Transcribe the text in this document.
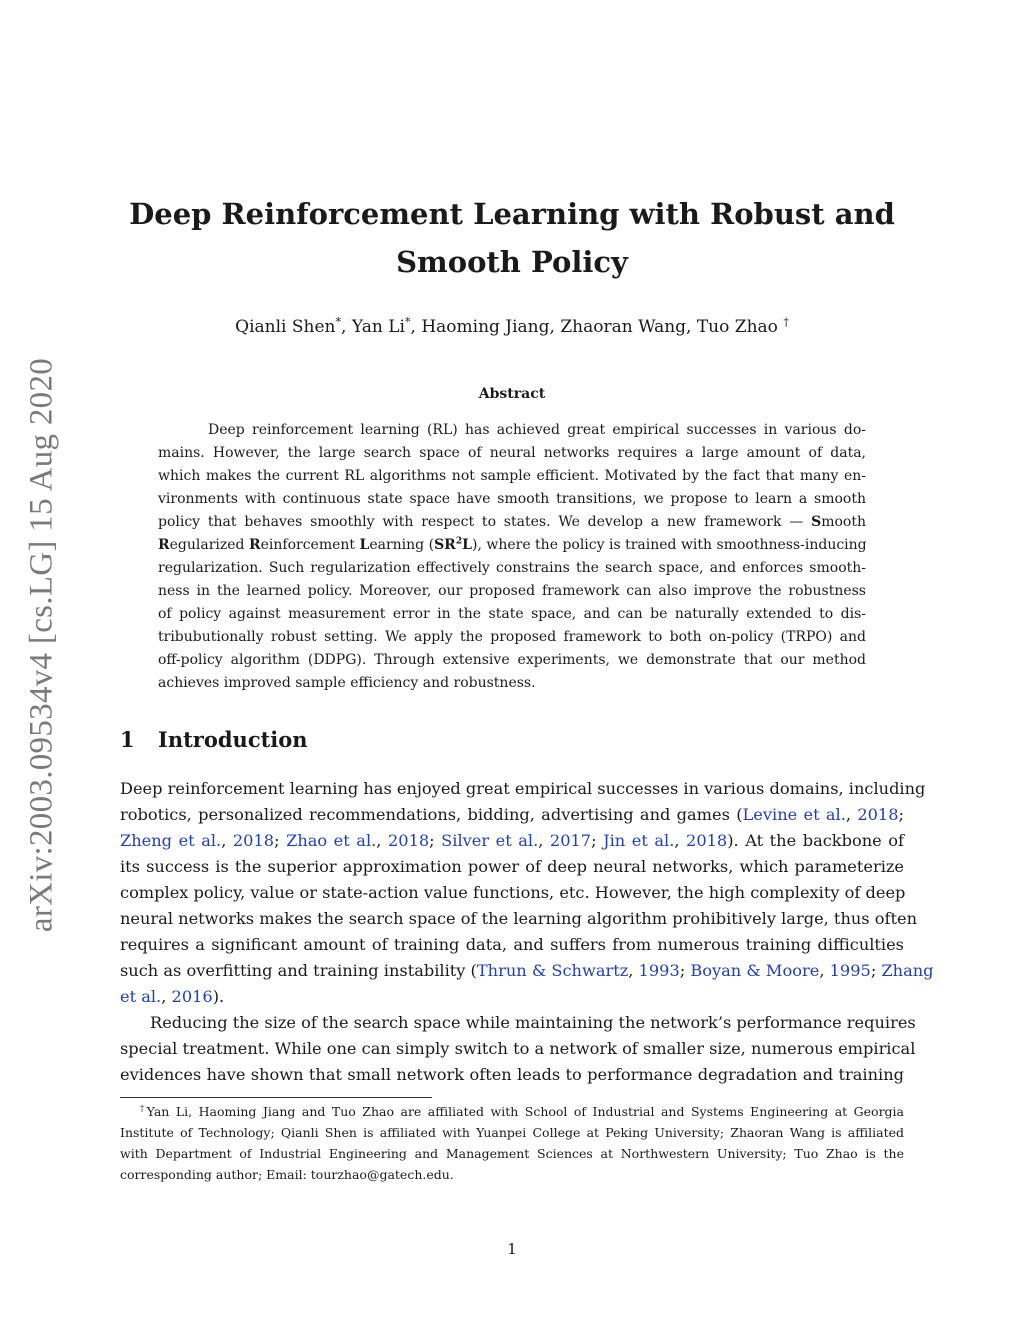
arXiv:2003.09534v4 [cs.LG] 15 Aug 2020
Deep Reinforcement Learning with Robust and
Smooth Policy
Qianli Shen*, Yan Li*, Haoming Jiang, Zhaoran Wang, Tuo Zhao †
Abstract
Deep reinforcement learning (RL) has achieved great empirical successes in various do-
mains. However, the large search space of neural networks requires a large amount of data,
which makes the current RL algorithms not sample efficient. Motivated by the fact that many en-
vironments with continuous state space have smooth transitions, we propose to learn a smooth
policy that behaves smoothly with respect to states. We develop a new framework — Smooth
Regularized Reinforcement Learning $(SR^2L)$, where the policy is trained with smoothness-inducing
regularization. Such regularization effectively constrains the search space, and enforces smooth-
ness in the learned policy. Moreover, our proposed framework can also improve the robustness
of policy against measurement error in the state space, and can be naturally extended to dis-
tribubutionally robust setting. We apply the proposed framework to both on-policy (TRPO) and
off-policy algorithm (DDPG). Through extensive experiments, we demonstrate that our method
achieves improved sample efficiency and robustness.
1 Introduction
Deep reinforcement learning has enjoyed great empirical successes in various domains, including
robotics, personalized recommendations, bidding, advertising and games (Levine et al., 2018;
Zheng et al., 2018; Zhao et al., 2018; Silver et al., 2017; Jin et al., 2018). At the backbone of
its success is the superior approximation power of deep neural networks, which parameterize
complex policy, value or state-action value functions, etc. However, the high complexity of deep
neural networks makes the search space of the learning algorithm prohibitively large, thus often
requires a significant amount of training data, and suffers from numerous training difficulties
such as overfitting and training instability (Thrun & Schwartz, 1993; Boyan & Moore, 1995; Zhang
et al., 2016).
Reducing the size of the search space while maintaining the network’s performance requires
special treatment. While one can simply switch to a network of smaller size, numerous empirical
evidences have shown that small network often leads to performance degradation and training
†Yan Li, Haoming Jiang and Tuo Zhao are affiliated with School of Industrial and Systems Engineering at Georgia
Institute of Technology; Qianli Shen is affiliated with Yuanpei College at Peking University; Zhaoran Wang is affiliated
with Department of Industrial Engineering and Management Sciences at Northwestern University; Tuo Zhao is the
corresponding author; Email: tourzhao@gatech.edu.
1
